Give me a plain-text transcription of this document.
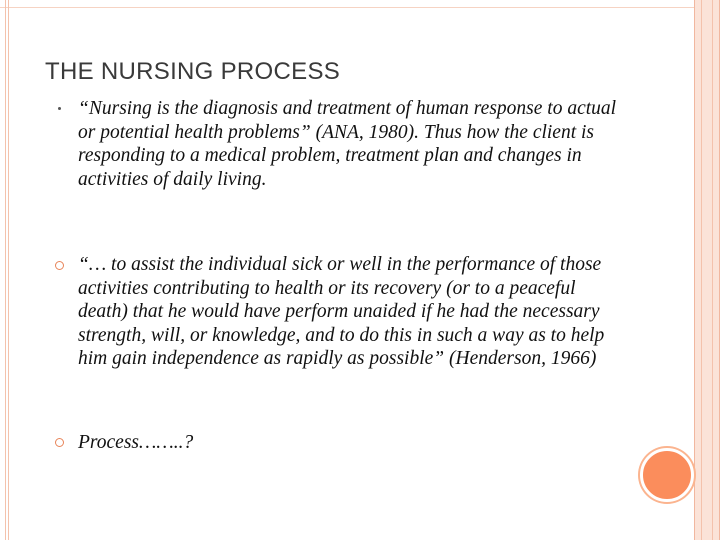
THE NURSING PROCESS
“Nursing is the diagnosis and treatment of human response to actual or potential health problems” (ANA, 1980). Thus how the client is responding to a medical problem, treatment plan and changes in activities of daily living.
“… to assist the individual sick or well in the performance of those activities contributing to health or its recovery (or to a peaceful death) that he would have perform unaided if he had the necessary strength, will, or knowledge, and to do this in such a way as to help him gain independence as rapidly as possible” (Henderson, 1966)
Process……..?
